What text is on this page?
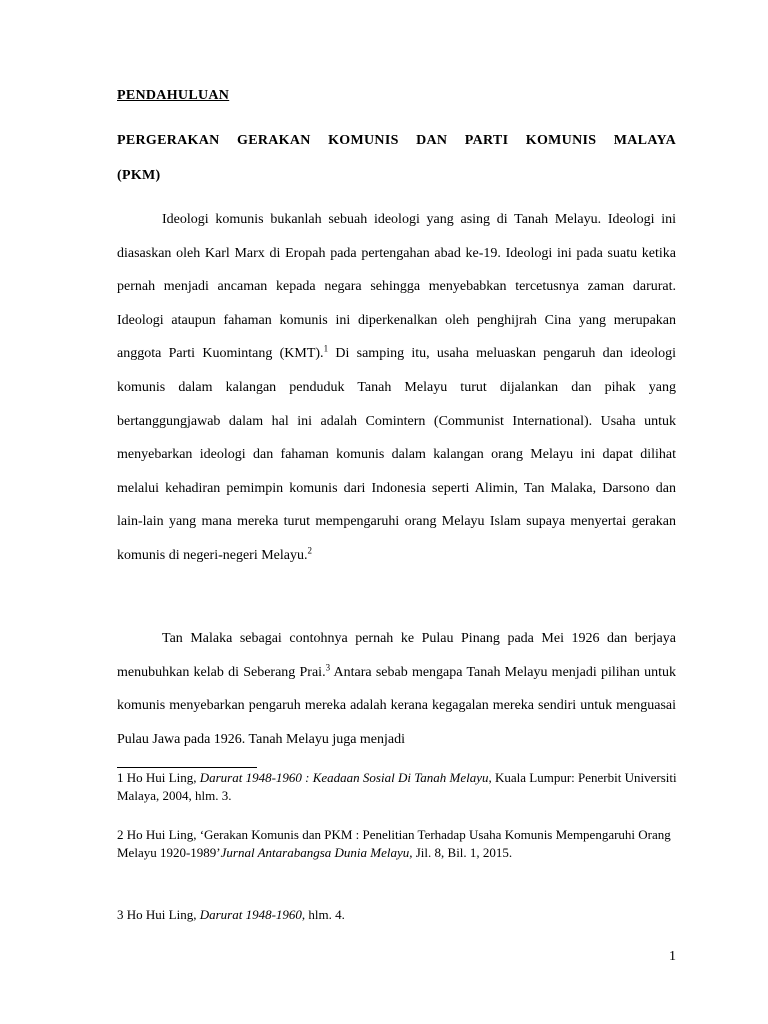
PENDAHULUAN
PERGERAKAN GERAKAN KOMUNIS DAN PARTI KOMUNIS MALAYA
(PKM)

Ideologi komunis bukanlah sebuah ideologi yang asing di Tanah Melayu. Ideologi ini diasaskan oleh Karl Marx di Eropah pada pertengahan abad ke-19. Ideologi ini pada suatu ketika pernah menjadi ancaman kepada negara sehingga menyebabkan tercetusnya zaman darurat. Ideologi ataupun fahaman komunis ini diperkenalkan oleh penghijrah Cina yang merupakan anggota Parti Kuomintang (KMT).$^1$ Di samping itu, usaha meluaskan pengaruh dan ideologi komunis dalam kalangan penduduk Tanah Melayu turut dijalankan dan pihak yang bertanggungjawab dalam hal ini adalah Comintern (Communist International). Usaha untuk menyebarkan ideologi dan fahaman komunis dalam kalangan orang Melayu ini dapat dilihat melalui kehadiran pemimpin komunis dari Indonesia seperti Alimin, Tan Malaka, Darsono dan lain-lain yang mana mereka turut mempengaruhi orang Melayu Islam supaya menyertai gerakan komunis di negeri-negeri Melayu.$^2$

Tan Malaka sebagai contohnya pernah ke Pulau Pinang pada Mei 1926 dan berjaya menubuhkan kelab di Seberang Prai.$^3$ Antara sebab mengapa Tanah Melayu menjadi pilihan untuk komunis menyebarkan pengaruh mereka adalah kerana kegagalan mereka sendiri untuk menguasai Pulau Jawa pada 1926. Tanah Melayu juga menjadi

1 Ho Hui Ling, Darurat 1948-1960 : Keadaan Sosial Di Tanah Melayu, Kuala Lumpur: Penerbit Universiti Malaya, 2004, hlm. 3.

2 Ho Hui Ling, ‘Gerakan Komunis dan PKM : Penelitian Terhadap Usaha Komunis Mempengaruhi Orang Melayu 1920-1989’Jurnal Antarabangsa Dunia Melayu, Jil. 8, Bil. 1, 2015.

3 Ho Hui Ling, Darurat 1948-1960, hlm. 4.

1
